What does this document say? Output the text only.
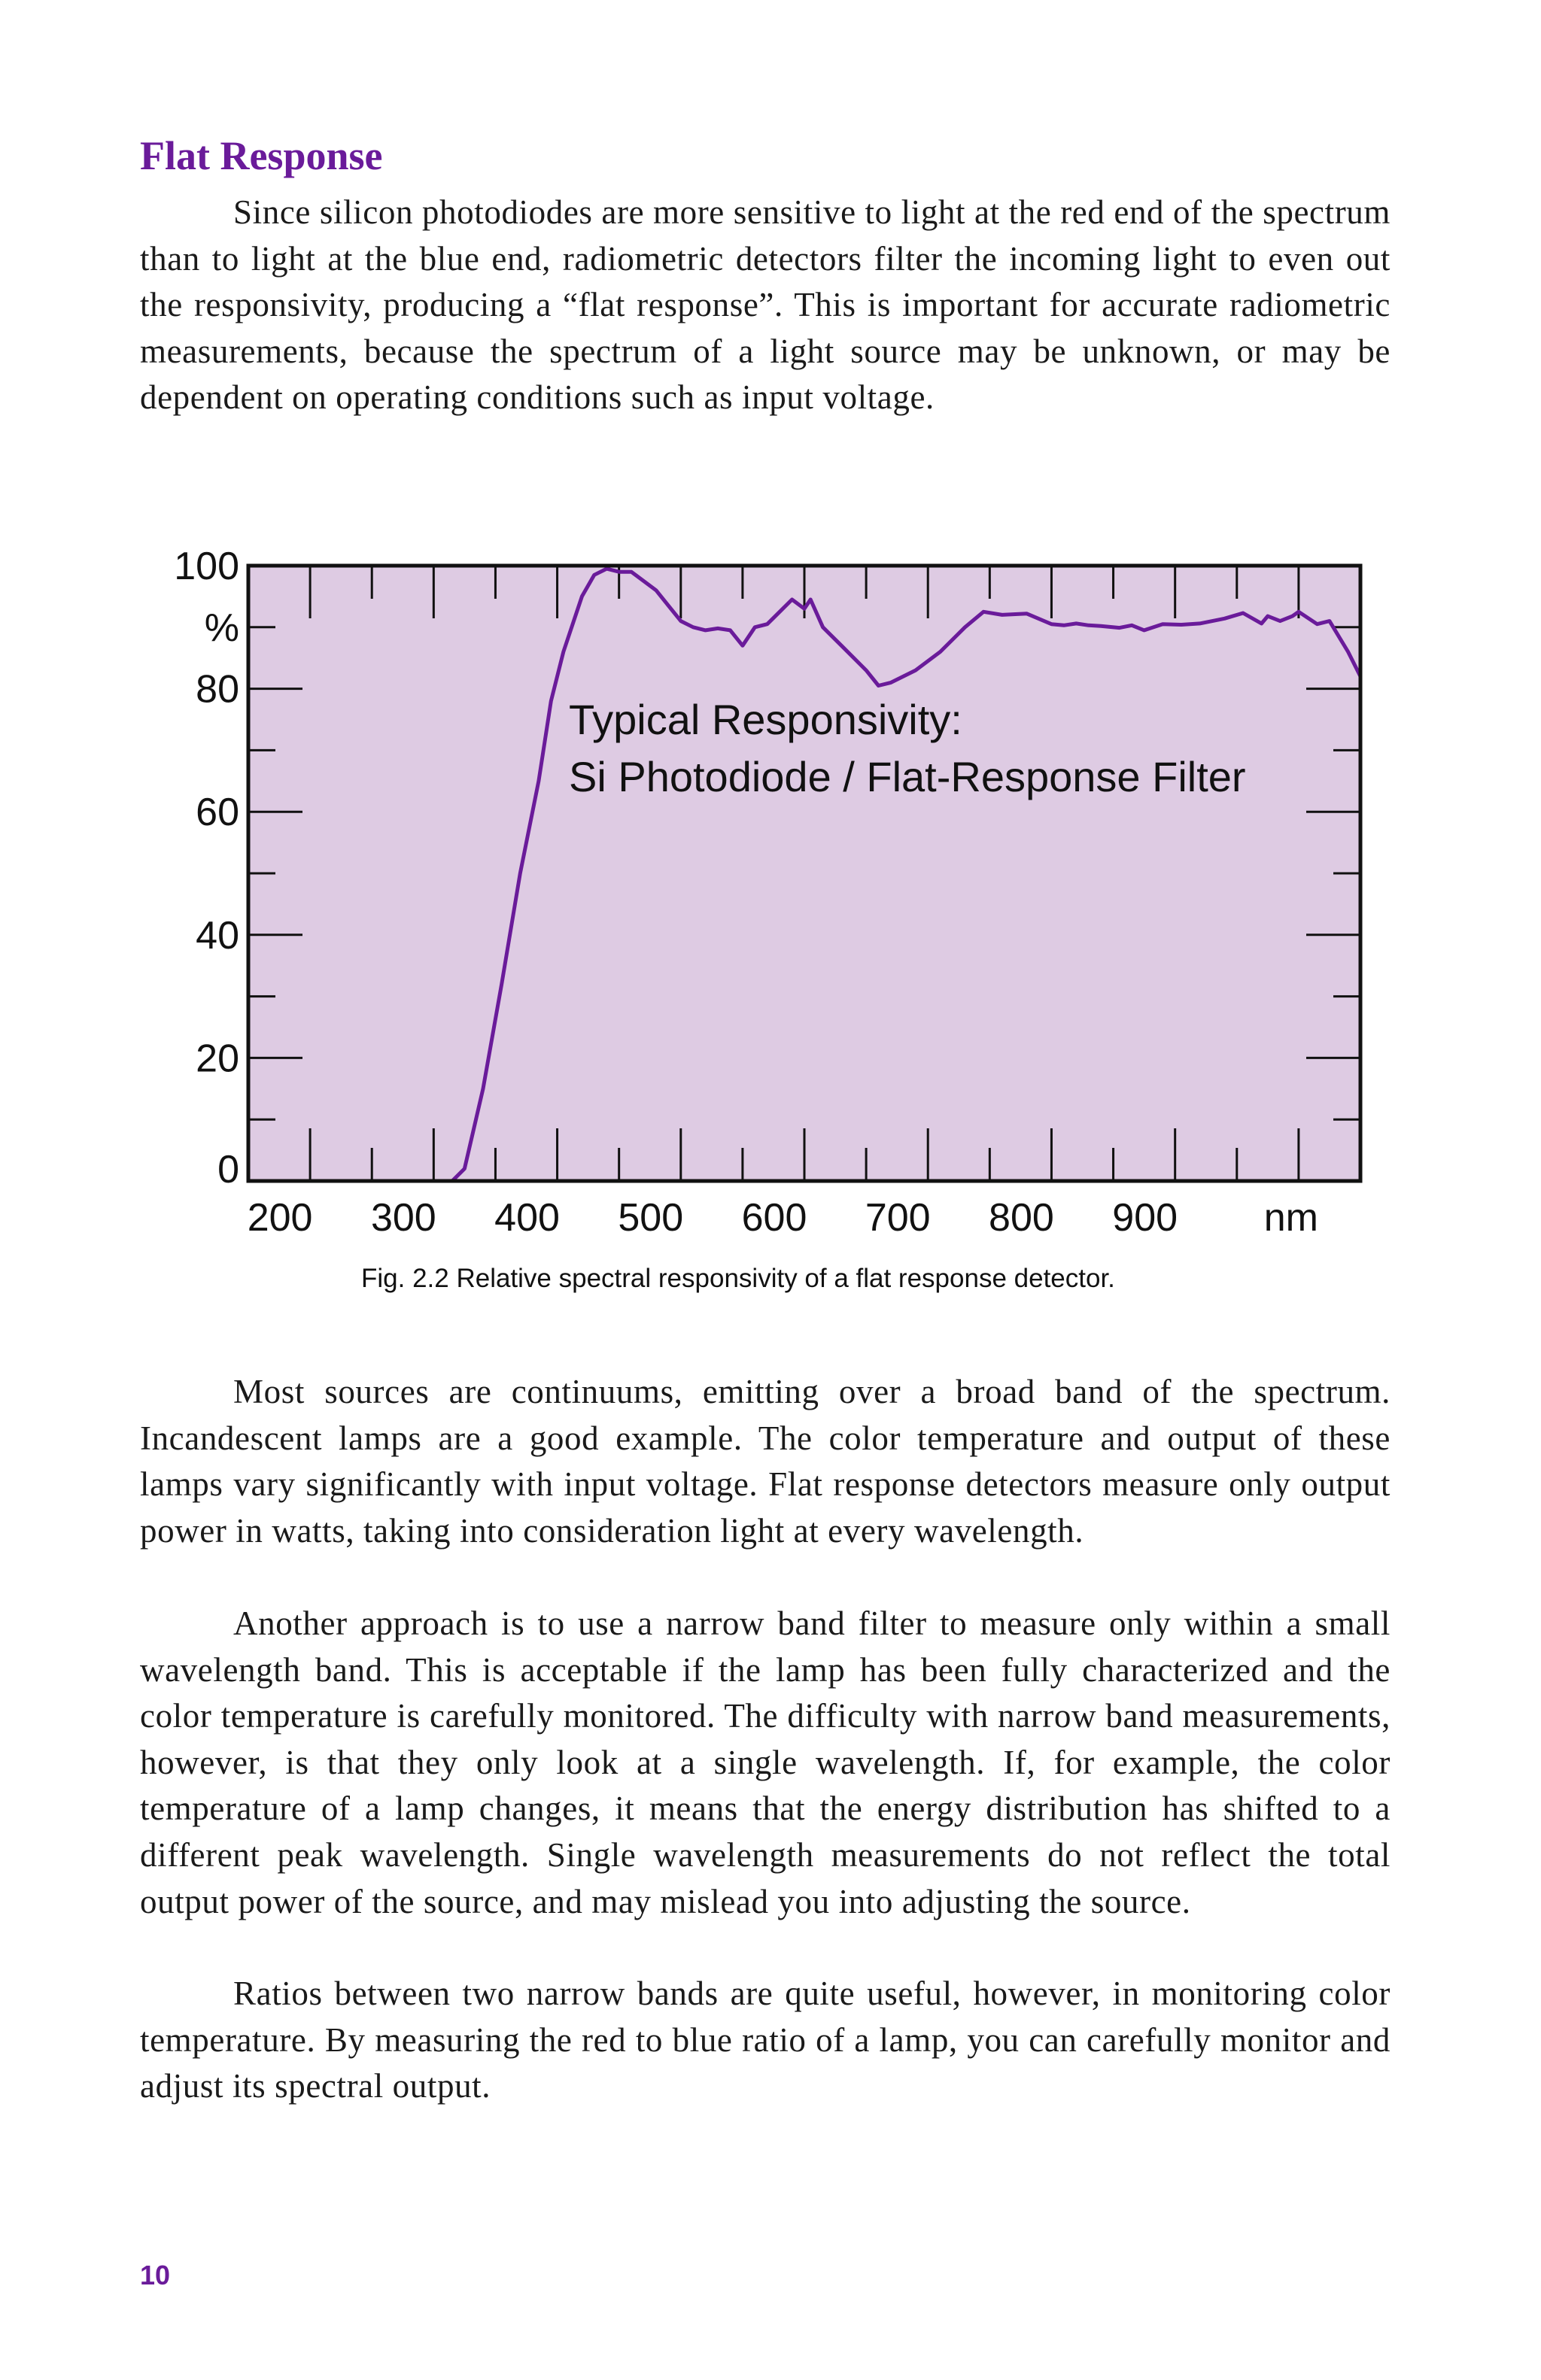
Flat Response

Since silicon photodiodes are more sensitive to light at the red end of the spectrum than to light at the blue end, radiometric detectors filter the incoming light to even out the responsivity, producing a “flat response”. This is important for accurate radiometric measurements, because the spectrum of a light source may be unknown, or may be dependent on operating conditions such as input voltage.

200 300 400 500 600 700 800 900
0
20
40
60
80
100
%
nm
Typical Responsivity:
Si Photodiode / Flat-Response Filter

Fig. 2.2 Relative spectral responsivity of a flat response detector.

Most sources are continuums, emitting over a broad band of the spectrum. Incandescent lamps are a good example. The color temperature and output of these lamps vary significantly with input voltage. Flat response detectors measure only output power in watts, taking into consideration light at every wavelength.

Another approach is to use a narrow band filter to measure only within a small wavelength band. This is acceptable if the lamp has been fully characterized and the color temperature is carefully monitored. The difficulty with narrow band measurements, however, is that they only look at a single wavelength. If, for example, the color temperature of a lamp changes, it means that the energy distribution has shifted to a different peak wavelength. Single wavelength measurements do not reflect the total output power of the source, and may mislead you into adjusting the source.

Ratios between two narrow bands are quite useful, however, in monitoring color temperature. By measuring the red to blue ratio of a lamp, you can carefully monitor and adjust its spectral output.

10
